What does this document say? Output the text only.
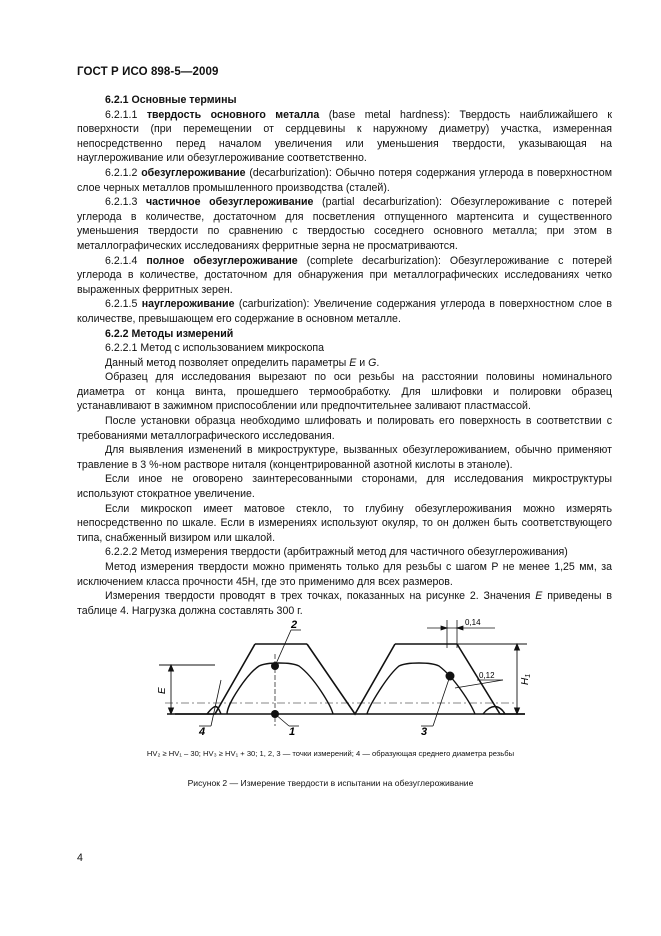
ГОСТ Р ИСО 898-5—2009

6.2.1 Основные термины

6.2.1.1 твердость основного металла (base metal hardness): Твердость наиближайшего к поверхности (при перемещении от сердцевины к наружному диаметру) участка, измеренная непосредственно перед началом увеличения или уменьшения твердости, указывающая на науглероживание или обезуглероживание соответственно.

6.2.1.2 обезуглероживание (decarburization): Обычно потеря содержания углерода в поверхностном слое черных металлов промышленного производства (сталей).

6.2.1.3 частичное обезуглероживание (partial decarburization): Обезуглероживание с потерей углерода в количестве, достаточном для посветления отпущенного мартенсита и существенного уменьшения твердости по сравнению с твердостью соседнего основного металла; при этом в металлографических исследованиях ферритные зерна не просматриваются.

6.2.1.4 полное обезуглероживание (complete decarburization): Обезуглероживание с потерей углерода в количестве, достаточном для обнаружения при металлографических исследованиях четко выраженных ферритных зерен.

6.2.1.5 науглероживание (carburization): Увеличение содержания углерода в поверхностном слое в количестве, превышающем его содержание в основном металле.

6.2.2 Методы измерений

6.2.2.1 Метод с использованием микроскопа

Данный метод позволяет определить параметры E и G.

Образец для исследования вырезают по оси резьбы на расстоянии половины номинального диаметра от конца винта, прошедшего термообработку. Для шлифовки и полировки образец устанавливают в зажимном приспособлении или предпочтительнее заливают пластмассой.

После установки образца необходимо шлифовать и полировать его поверхность в соответствии с требованиями металлографического исследования.

Для выявления изменений в микроструктуре, вызванных обезуглероживанием, обычно применяют травление в 3 %-ном растворе ниталя (концентрированной азотной кислоты в этаноле).

Если иное не оговорено заинтересованными сторонами, для исследования микроструктуры используют стократное увеличение.

Если микроскоп имеет матовое стекло, то глубину обезуглероживания можно измерять непосредственно по шкале. Если в измерениях используют окуляр, то он должен быть соответствующего типа, снабженный визиром или шкалой.

6.2.2.2 Метод измерения твердости (арбитражный метод для частичного обезуглероживания)

Метод измерения твердости можно применять только для резьбы с шагом P не менее 1,25 мм, за исключением класса прочности 45H, где это применимо для всех размеров.

Измерения твердости проводят в трех точках, показанных на рисунке 2. Значения E приведены в таблице 4. Нагрузка должна составлять 300 г.

E
$H_1$
0,14
0,12
2
1	3
4
HV₂ ≥ HV₁ – 30; HV₃ ≥ HV₁ + 30; 1, 2, 3 — точки измерений; 4 — образующая среднего диаметра резьбы
Рисунок 2 — Измерение твердости в испытании на обезуглероживание
4
